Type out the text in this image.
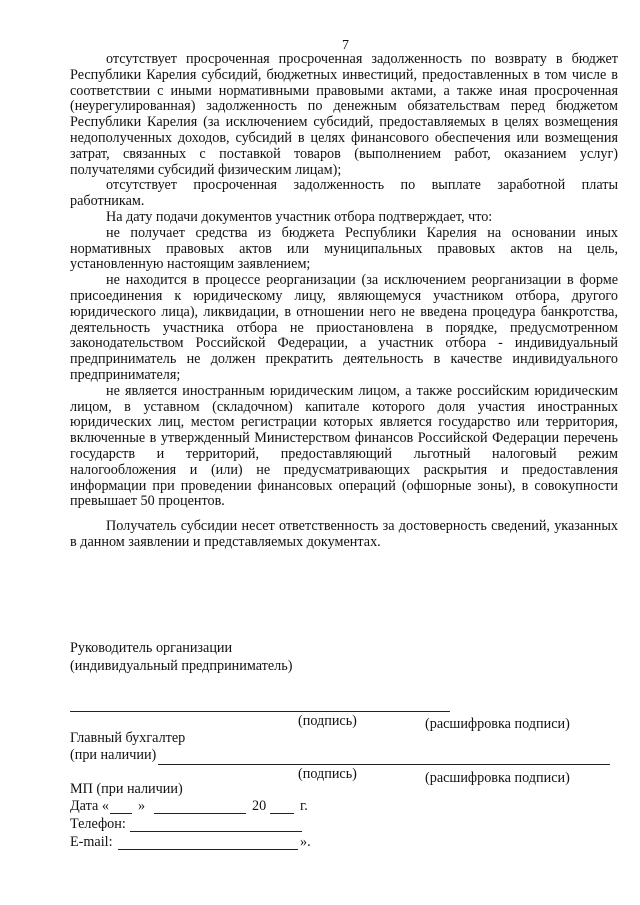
7

отсутствует просроченная просроченная задолженность по возврату в бюджет Республики Карелия субсидий, бюджетных инвестиций, предоставленных в том числе в соответствии с иными нормативными правовыми актами, а также иная просроченная (неурегулированная) задолженность по денежным обязательствам перед бюджетом Республики Карелия (за исключением субсидий, предоставляемых в целях возмещения недополученных доходов, субсидий в целях финансового обеспечения или возмещения затрат, связанных с поставкой товаров (выполнением работ, оказанием услуг) получателями субсидий физическим лицам);

отсутствует просроченная задолженность по выплате заработной платы работникам.

На дату подачи документов участник отбора подтверждает, что:

не получает средства из бюджета Республики Карелия на основании иных нормативных правовых актов или муниципальных правовых актов на цель, установленную настоящим заявлением;

не находится в процессе реорганизации (за исключением реорганизации в форме присоединения к юридическому лицу, являющемуся участником отбора, другого юридического лица), ликвидации, в отношении него не введена процедура банкротства, деятельность участника отбора не приостановлена в порядке, предусмотренном законодательством Российской Федерации, а участник отбора - индивидуальный предприниматель не должен прекратить деятельность в качестве индивидуального предпринимателя;

не является иностранным юридическим лицом, а также российским юридическим лицом, в уставном (складочном) капитале которого доля участия иностранных юридических лиц, местом регистрации которых является государство или территория, включенные в утвержденный Министерством финансов Российской Федерации перечень государств и территорий, предоставляющий льготный налоговый режим налогообложения и (или) не предусматривающих раскрытия и предоставления информации при проведении финансовых операций (офшорные зоны), в совокупности превышает 50 процентов.

Получатель субсидии несет ответственность за достоверность сведений, указанных в данном заявлении и представляемых документах.

Руководитель организации
(индивидуальный предприниматель)
(подпись)	(расшифровка подписи)
Главный бухгалтер
(при наличии)
(подпись)	(расшифровка подписи)
МП (при наличии)
Дата « »	20 г.
Телефон:
E-mail:	».
